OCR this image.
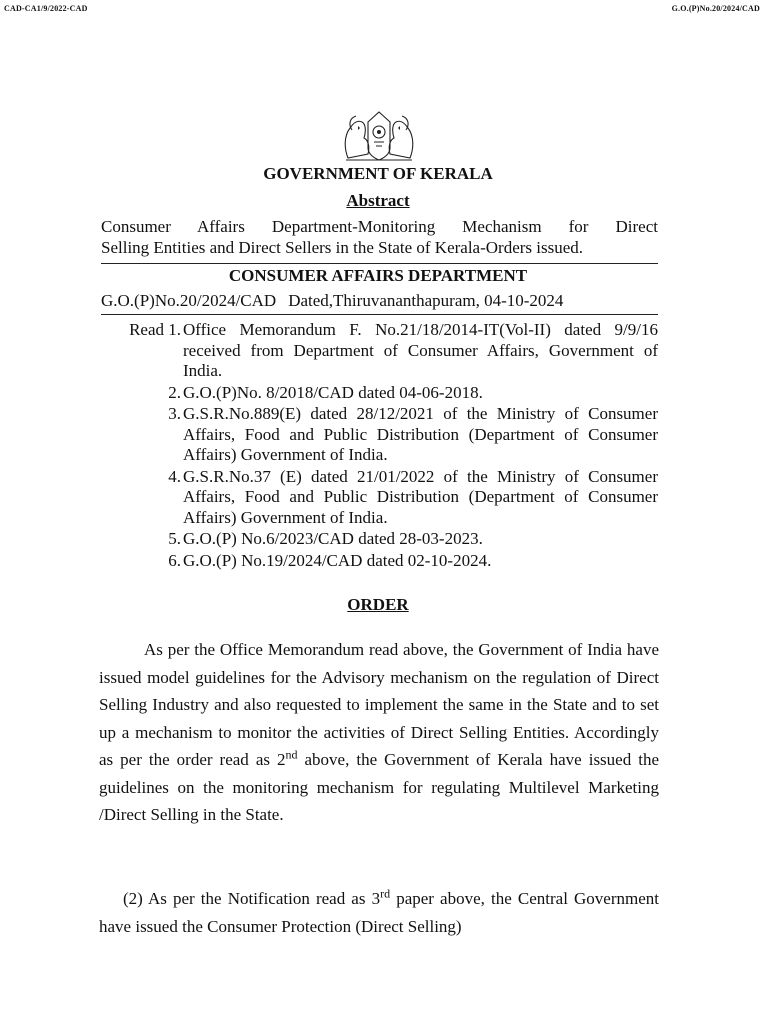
CAD-CA1/9/2022-CAD	G.O.(P)No.20/2024/CAD
GOVERNMENT OF KERALA
Abstract
Consumer Affairs Department-Monitoring Mechanism for Direct
Selling Entities and Direct Sellers in the State of Kerala-Orders issued.
CONSUMER AFFAIRS DEPARTMENT
G.O.(P)No.20/2024/CAD Dated,Thiruvananthapuram, 04-10-2024
Read 1. Office Memorandum F. No.21/18/2014-IT(Vol-II) dated 9/9/16 received from Department of Consumer Affairs, Government of India.
2. G.O.(P)No. 8/2018/CAD dated 04-06-2018.
3. G.S.R.No.889(E) dated 28/12/2021 of the Ministry of Consumer Affairs, Food and Public Distribution (Department of Consumer Affairs) Government of India.
4. G.S.R.No.37 (E) dated 21/01/2022 of the Ministry of Consumer Affairs, Food and Public Distribution (Department of Consumer Affairs) Government of India.
5. G.O.(P) No.6/2023/CAD dated 28-03-2023.
6. G.O.(P) No.19/2024/CAD dated 02-10-2024.
ORDER

As per the Office Memorandum read above, the Government of India have issued model guidelines for the Advisory mechanism on the regulation of Direct Selling Industry and also requested to implement the same in the State and to set up a mechanism to monitor the activities of Direct Selling Entities. Accordingly as per the order read as 2nd above, the Government of Kerala have issued the guidelines on the monitoring mechanism for regulating Multilevel Marketing /Direct Selling in the State.

(2) As per the Notification read as 3rd paper above, the Central Government have issued the Consumer Protection (Direct Selling)
